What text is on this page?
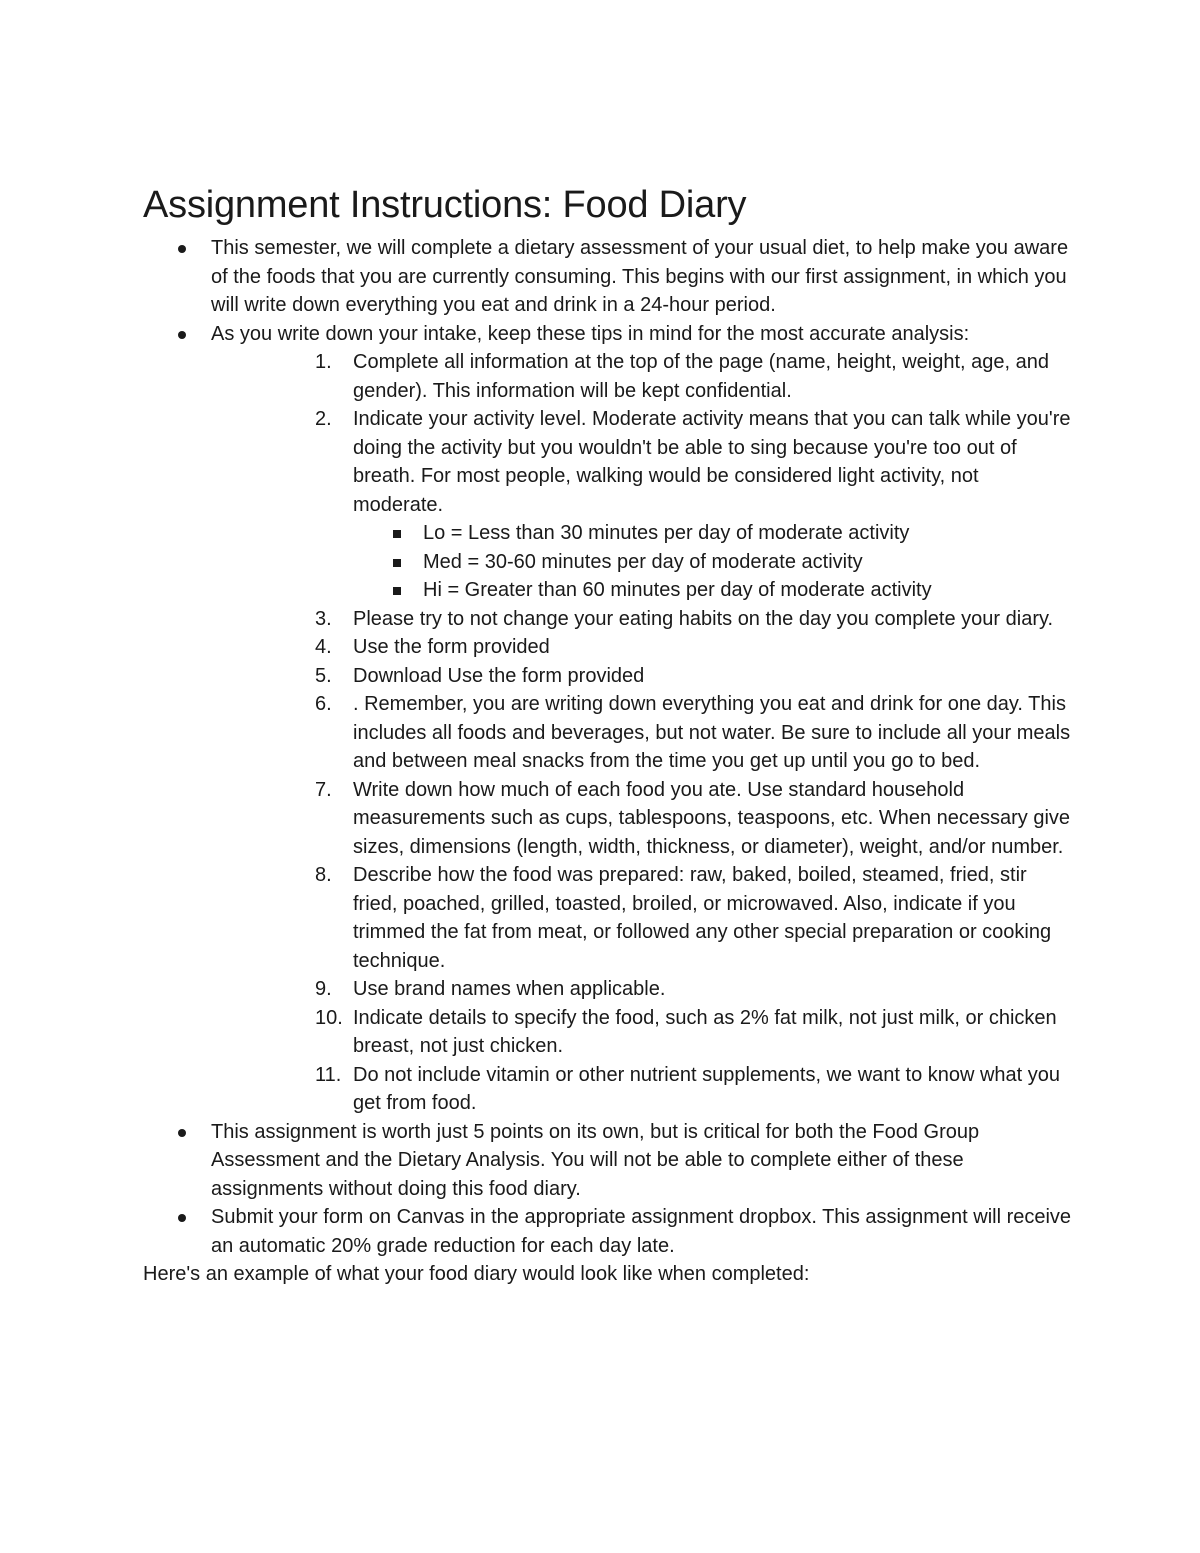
Assignment Instructions: Food Diary
This semester, we will complete a dietary assessment of your usual diet, to help make you aware of the foods that you are currently consuming. This begins with our first assignment, in which you will write down everything you eat and drink in a 24-hour period.
As you write down your intake, keep these tips in mind for the most accurate analysis:
1.	Complete all information at the top of the page (name, height, weight, age, and gender). This information will be kept confidential.
2.	Indicate your activity level. Moderate activity means that you can talk while you're doing the activity but you wouldn't be able to sing because you're too out of breath. For most people, walking would be considered light activity, not moderate.
Lo = Less than 30 minutes per day of moderate activity
Med = 30-60 minutes per day of moderate activity
Hi = Greater than 60 minutes per day of moderate activity
3.	Please try to not change your eating habits on the day you complete your diary.
4.	Use the form provided
5.	Download Use the form provided
6.	. Remember, you are writing down everything you eat and drink for one day. This includes all foods and beverages, but not water. Be sure to include all your meals and between meal snacks from the time you get up until you go to bed.
7.	Write down how much of each food you ate. Use standard household measurements such as cups, tablespoons, teaspoons, etc. When necessary give sizes, dimensions (length, width, thickness, or diameter), weight, and/or number.
8.	Describe how the food was prepared: raw, baked, boiled, steamed, fried, stir fried, poached, grilled, toasted, broiled, or microwaved. Also, indicate if you trimmed the fat from meat, or followed any other special preparation or cooking technique.
9.	Use brand names when applicable.
10. Indicate details to specify the food, such as 2% fat milk, not just milk, or chicken breast, not just chicken.
11. Do not include vitamin or other nutrient supplements, we want to know what you get from food.
This assignment is worth just 5 points on its own, but is critical for both the Food Group Assessment and the Dietary Analysis. You will not be able to complete either of these assignments without doing this food diary.
Submit your form on Canvas in the appropriate assignment dropbox. This assignment will receive an automatic 20% grade reduction for each day late.

Here's an example of what your food diary would look like when completed:
